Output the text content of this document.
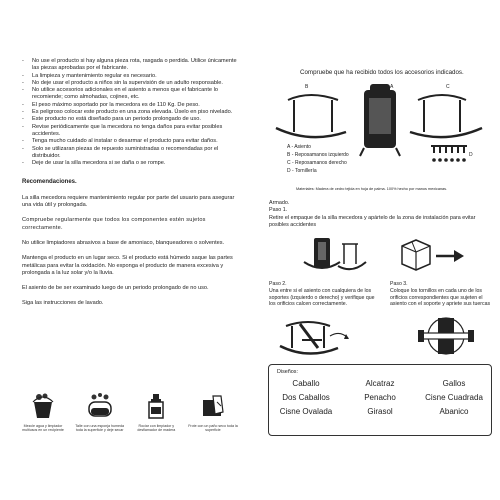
-	No use el producto si hay alguna pieza rota, rasgada o perdida. Utilice únicamente las piezas aprobadas por el fabricante.
-	La limpieza y mantenimiento regular es necesario.
-	No deje usar el producto a niños sin la supervisión de un adulto responsable.
-	No utilice accesorios adicionales en el asiento a menos que el fabricante lo recomiende; como almohadas, cojines, etc.
-	El peso máximo soportado por la mecedora es de 110 Kg. De peso.
-	Es peligroso colocar este producto en una zona elevada. Úselo en piso nivelado.
-	Este producto no está diseñado para un periodo prolongado de uso.
-	Revise periódicamente que la mecedora no tenga daños para evitar posibles accidentes.
-	Tenga mucho cuidado al instalar o desarmar el producto para evitar daños.
-	Solo se utilizaran piezas de repuesto suministradas o recomendadas por el distribuidor.
-	Deje de usar la silla mecedora si se daña o se rompe.

Recomendaciones.

La silla mecedora requiere mantenimiento regular por parte del usuario para asegurar una vida útil y prolongada.

Compruebe regularmente que todos los componentes estén sujetos correctamente.

No utilice limpiadores abrasivos a base de amoniaco, blanqueadores o solventes.

Mantenga el producto en un lugar seco. Si el producto está húmedo saque las partes metálicas para evitar la oxidación. No exponga el producto de manera excesiva y prolongada a la luz solar y/o la lluvia.

El asiento de be ser examinado luego de un periodo prolongado de no uso.

Siga las instrucciones de lavado.

Mezcle agua y limpiador multiusos en un recipiente
Talle con una esponja humeda toda la superficie y deje secar
Rociar con limpiador y desflamador de madera
Frote con un paño seco toda la superficie
Compruebe que ha recibido todos los accesorios indicados.
B	A	C
D
A - Asiento
B - Reposamanos izquierdo
C - Reposamanos derecho
D - Tornillería
Materiales: Madera de cedro tejida en hoja de palma. 100% hecho por manos mexicanas.
Armado.
Paso 1.
Retire el empaque de la silla mecedora y apártelo de la zona de instalación para evitar posibles accidentes
Paso 2.
Una entre si el asiento con cualquiera de los soportes (izquierdo o derecho) y verifique que los orificios calcen correctamente.
Paso 3.
Coloque los tornillos en cada uno de los orificios correspondientes que sujeten el asiento con el soporte y apriete sus tuercas
Diseños:
Caballo	Alcatraz	Gallos
Dos Caballos	Penacho	Cisne Cuadrada
Cisne Ovalada	Girasol	Abanico
